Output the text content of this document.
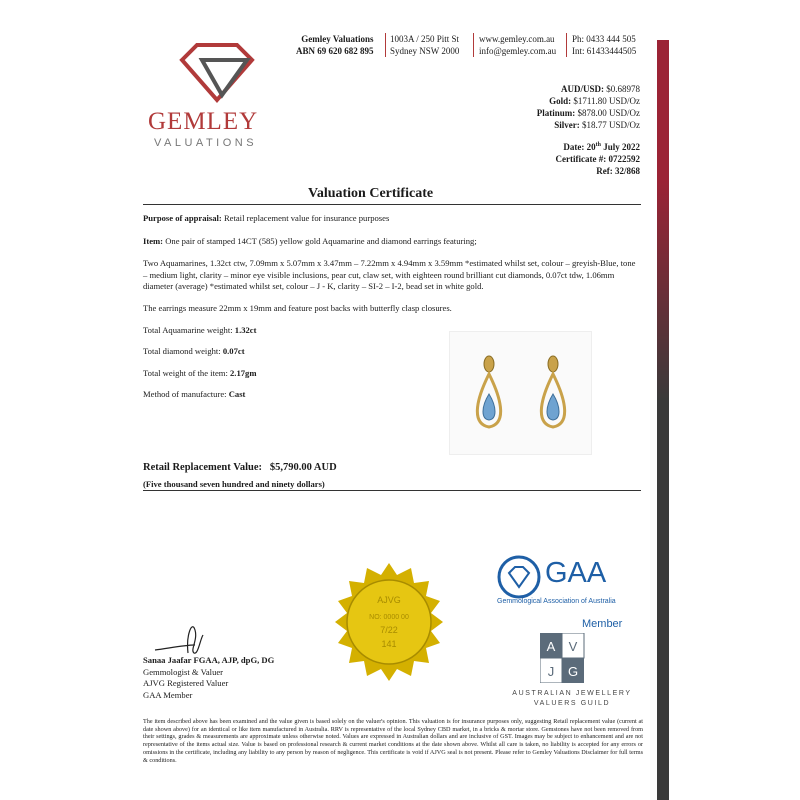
GEMLEY
VALUATIONS
Gemley Valuations
ABN 69 620 682 895
1003A / 250 Pitt St
Sydney NSW 2000
www.gemley.com.au
info@gemley.com.au
Ph: 0433 444 505
Int: 61433444505
AUD/USD: $0.68978
Gold: $1711.80 USD/Oz
Platinum: $878.00 USD/Oz
Silver: $18.77 USD/Oz
Date: 20th July 2022
Certificate #: 0722592
Ref: 32/868
Valuation Certificate
Purpose of appraisal: Retail replacement value for insurance purposes
Item: One pair of stamped 14CT (585) yellow gold Aquamarine and diamond earrings featuring;
Two Aquamarines, 1.32ct ctw, 7.09mm x 5.07mm x 3.47mm – 7.22mm x 4.94mm x 3.59mm *estimated whilst set, colour – greyish-Blue, tone – medium light, clarity – minor eye visible inclusions, pear cut, claw set, with eighteen round brilliant cut diamonds, 0.07ct tdw, 1.06mm diameter (average) *estimated whilst set, colour – J - K, clarity – SI-2 – I-2, bead set in white gold.
The earrings measure 22mm x 19mm and feature post backs with butterfly clasp closures.
Total Aquamarine weight: 1.32ct
Total diamond weight: 0.07ct
Total weight of the item: 2.17gm
Method of manufacture: Cast
Retail Replacement Value: $5,790.00 AUD
(Five thousand seven hundred and ninety dollars)
AJVG
NO: 0000 00
7/22
141
GAA
Gemmological Association of Australia
Member
A V
J G
AUSTRALIAN JEWELLERY
VALUERS GUILD
Sanaa Jaafar FGAA, AJP, dpG, DG
Gemmologist & Valuer
AJVG Registered Valuer
GAA Member
The item described above has been examined and the value given is based solely on the valuer's opinion. This valuation is for insurance purposes only, suggesting Retail replacement value (current at date shown above) for an identical or like item manufactured in Australia. RRV is representative of the local Sydney CBD market, in a bricks & mortar store. Gemstones have not been removed from their settings, grades & measurements are approximate unless otherwise noted. Values are expressed in Australian dollars and are inclusive of GST. Images may be subject to enhancement and are not representative of the items actual size. Value is based on professional research & current market conditions at the date shown above. Whilst all care is taken, no liability is accepted for any errors or omissions in the certificate, including any liability to any person by reason of negligence. This certificate is void if AJVG seal is not present. Please refer to Gemley Valuations Disclaimer for full terms & conditions.
